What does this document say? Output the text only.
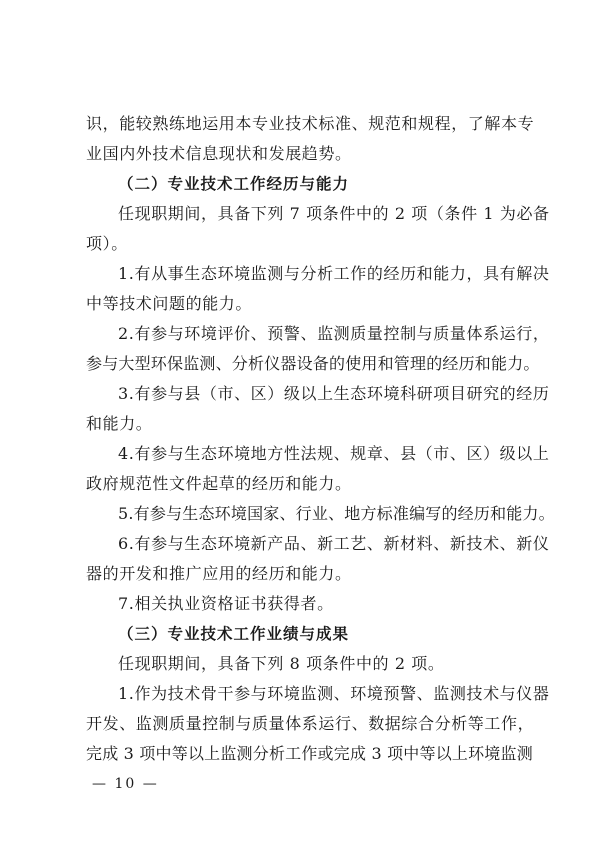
识，能较熟练地运用本专业技术标准、规范和规程，了解本专
业国内外技术信息现状和发展趋势。
（二）专业技术工作经历与能力
任现职期间，具备下列 7 项条件中的 2 项（条件 1 为必备
项）。
1.有从事生态环境监测与分析工作的经历和能力，具有解决
中等技术问题的能力。
2.有参与环境评价、预警、监测质量控制与质量体系运行，
参与大型环保监测、分析仪器设备的使用和管理的经历和能力。
3.有参与县（市、区）级以上生态环境科研项目研究的经历
和能力。
4.有参与生态环境地方性法规、规章、县（市、区）级以上
政府规范性文件起草的经历和能力。
5.有参与生态环境国家、行业、地方标准编写的经历和能力。
6.有参与生态环境新产品、新工艺、新材料、新技术、新仪
器的开发和推广应用的经历和能力。
7.相关执业资格证书获得者。
（三）专业技术工作业绩与成果
任现职期间，具备下列 8 项条件中的 2 项。
1.作为技术骨干参与环境监测、环境预警、监测技术与仪器
开发、监测质量控制与质量体系运行、数据综合分析等工作，
完成 3 项中等以上监测分析工作或完成 3 项中等以上环境监测
— 10 —
